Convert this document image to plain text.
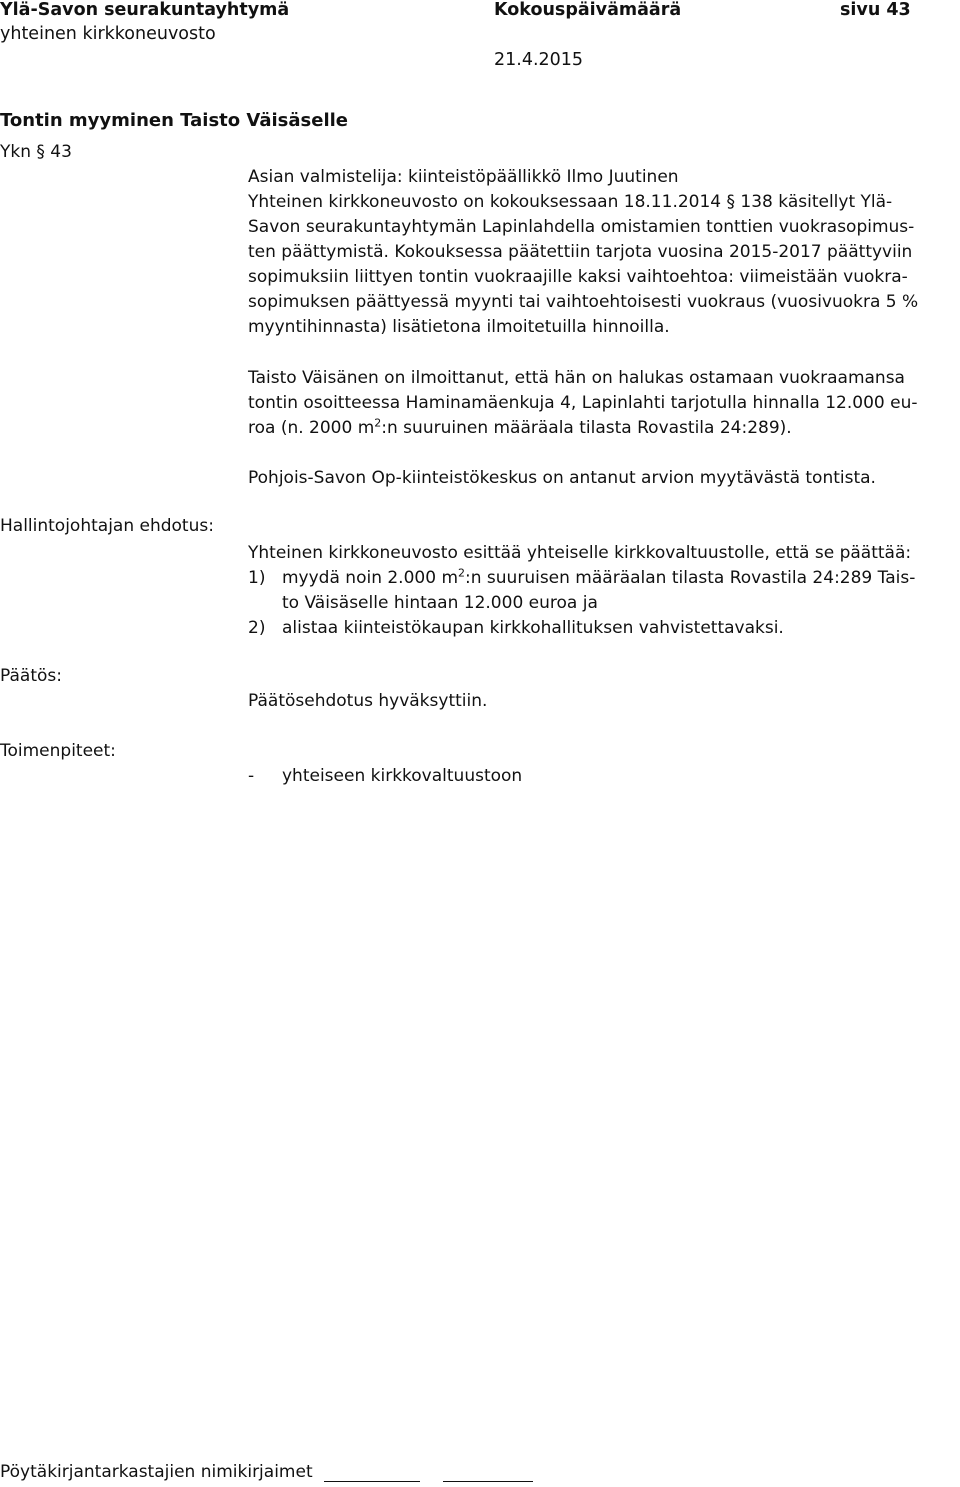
Ylä-Savon seurakuntayhtymä
yhteinen kirkkoneuvosto
Kokouspäivämäärä
21.4.2015
sivu 43
Tontin myyminen Taisto Väisäselle
Ykn § 43
Asian valmistelija: kiinteistöpäällikkö Ilmo Juutinen
Yhteinen kirkkoneuvosto on kokouksessaan 18.11.2014 § 138 käsitellyt Ylä-
Savon seurakuntayhtymän Lapinlahdella omistamien tonttien vuokrasopimus-
ten päättymistä. Kokouksessa päätettiin tarjota vuosina 2015-2017 päättyviin
sopimuksiin liittyen tontin vuokraajille kaksi vaihtoehtoa: viimeistään vuokra-
sopimuksen päättyessä myynti tai vaihtoehtoisesti vuokraus (vuosivuokra 5 %
myyntihinnasta) lisätietona ilmoitetuilla hinnoilla.
Taisto Väisänen on ilmoittanut, että hän on halukas ostamaan vuokraamansa
tontin osoitteessa Haminamäenkuja 4, Lapinlahti tarjotulla hinnalla 12.000 eu-
roa (n. 2000 $m^2:n$ suuruinen määräala tilasta Rovastila 24:289).
Pohjois-Savon Op-kiinteistökeskus on antanut arvion myytävästä tontista.
Hallintojohtajan ehdotus:
Yhteinen kirkkoneuvosto esittää yhteiselle kirkkovaltuustolle, että se päättää:
1) myydä noin 2.000 $m^2:n$ suuruisen määräalan tilasta Rovastila 24:289 Tais-
to Väisäselle hintaan 12.000 euroa ja
2) alistaa kiinteistökaupan kirkkohallituksen vahvistettavaksi.
Päätös:
Päätösehdotus hyväksyttiin.
Toimenpiteet:
- yhteiseen kirkkovaltuustoon
Pöytäkirjantarkastajien nimikirjaimet
